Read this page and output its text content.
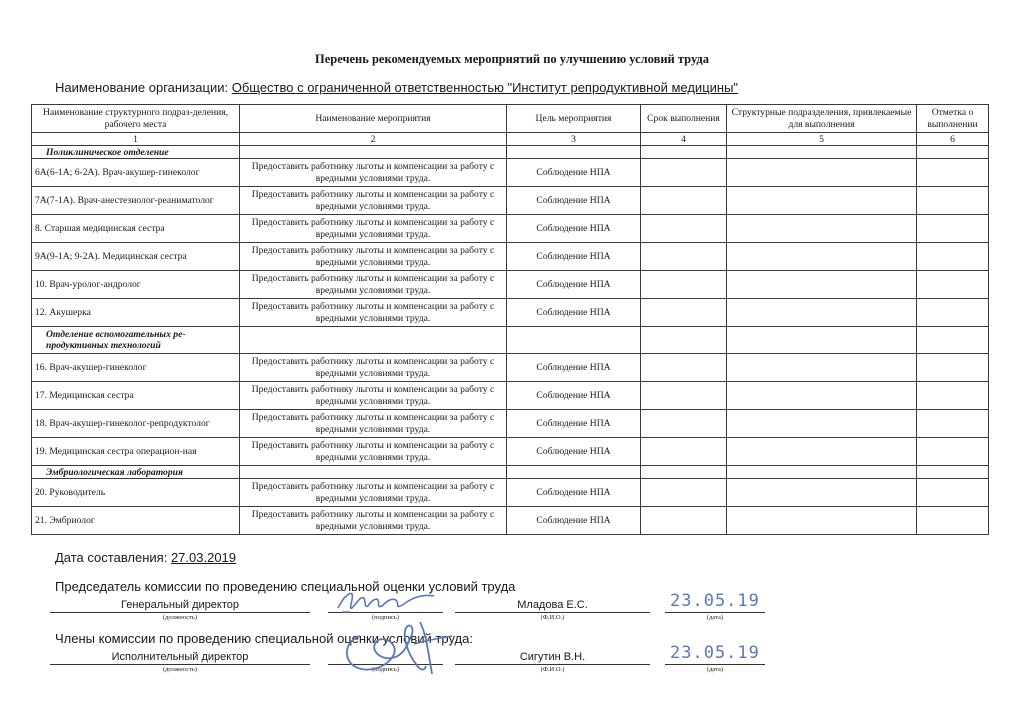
Перечень рекомендуемых мероприятий по улучшению условий труда
Наименование организации: Общество с ограниченной ответственностью "Институт репродуктивной медицины"
Наименование структурного подраз-деления, рабочего места	Наименование мероприятия	Цель мероприятия	Срок выполнения	Структурные подразделения, привлекаемые для выполнения	Отметка о выполнении
1	2	3	4	5	6
Поликлиническое отделение					
6А(6-1А; 6-2А). Врач-акушер-гинеколог	Предоставить работнику льготы и компенсации за работу с вредными условиями труда.	Соблюдение НПА			
7А(7-1А). Врач-анестезиолог-реаниматолог	Предоставить работнику льготы и компенсации за работу с вредными условиями труда.	Соблюдение НПА			
8. Старшая медицинская сестра	Предоставить работнику льготы и компенсации за работу с вредными условиями труда.	Соблюдение НПА			
9А(9-1А; 9-2А). Медицинская сестра	Предоставить работнику льготы и компенсации за работу с вредными условиями труда.	Соблюдение НПА			
10. Врач-уролог-андролог	Предоставить работнику льготы и компенсации за работу с вредными условиями труда.	Соблюдение НПА			
12. Акушерка	Предоставить работнику льготы и компенсации за работу с вредными условиями труда.	Соблюдение НПА			
Отделение вспомогательных ре-продуктивных технологий					
16. Врач-акушер-гинеколог	Предоставить работнику льготы и компенсации за работу с вредными условиями труда.	Соблюдение НПА			
17. Медицинская сестра	Предоставить работнику льготы и компенсации за работу с вредными условиями труда.	Соблюдение НПА			
18. Врач-акушер-гинеколог-репродуктолог	Предоставить работнику льготы и компенсации за работу с вредными условиями труда.	Соблюдение НПА			
19. Медицинская сестра операцион-ная	Предоставить работнику льготы и компенсации за работу с вредными условиями труда.	Соблюдение НПА			
Эмбриологическая лаборатория					
20. Руководитель	Предоставить работнику льготы и компенсации за работу с вредными условиями труда.	Соблюдение НПА			
21. Эмбриолог	Предоставить работнику льготы и компенсации за работу с вредными условиями труда.	Соблюдение НПА			
Дата составления: 27.03.2019
Председатель комиссии по проведению специальной оценки условий труда
Генеральный директор
(должность)	(подпись)
Младова Е.С.
(Ф.И.О.)	(дата)
23.05.19
Члены комиссии по проведению специальной оценки условий труда:
Исполнительный директор
(должность)	(подпись)
Сигутин В.Н.
(Ф.И.О.)	(дата)
23.05.19
